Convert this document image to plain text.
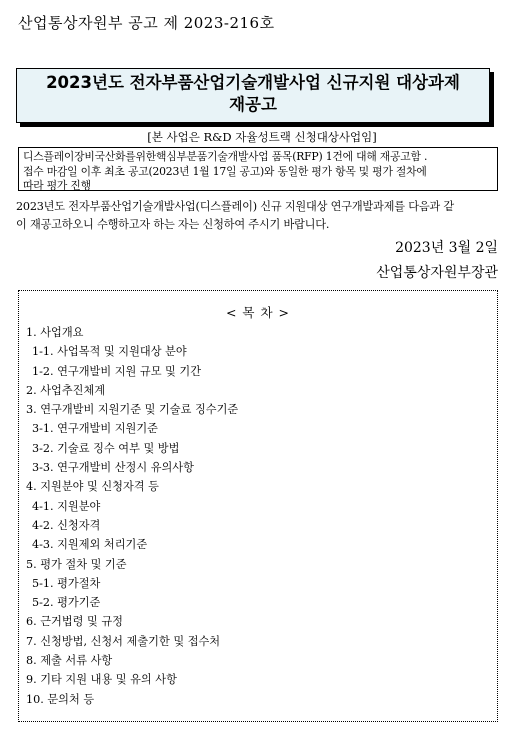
산업통상자원부 공고 제 2023-216호
2023년도 전자부품산업기술개발사업 신규지원 대상과제
재공고
[본 사업은 R&D 자율성트랙 신청대상사업임]
디스플레이장비국산화를위한핵심부분품기술개발사업 품목(RFP) 1건에 대해 재공고함 .
접수 마감일 이후 최초 공고(2023년 1월 17일 공고)와 동일한 평가 항목 및 평가 절차에
따라 평가 진행
2023년도 전자부품산업기술개발사업(디스플레이) 신규 지원대상 연구개발과제를 다음과 같
이 재공고하오니 수행하고자 하는 자는 신청하여 주시기 바랍니다.
2023년 3월 2일
산업통상자원부장관
< 목 차 >
1. 사업개요
1-1. 사업목적 및 지원대상 분야
1-2. 연구개발비 지원 규모 및 기간
2. 사업추진체계
3. 연구개발비 지원기준 및 기술료 징수기준
3-1. 연구개발비 지원기준
3-2. 기술료 징수 여부 및 방법
3-3. 연구개발비 산정시 유의사항
4. 지원분야 및 신청자격 등
4-1. 지원분야
4-2. 신청자격
4-3. 지원제외 처리기준
5. 평가 절차 및 기준
5-1. 평가절차
5-2. 평가기준
6. 근거법령 및 규정
7. 신청방법, 신청서 제출기한 및 접수처
8. 제출 서류 사항
9. 기타 지원 내용 및 유의 사항
10. 문의처 등
